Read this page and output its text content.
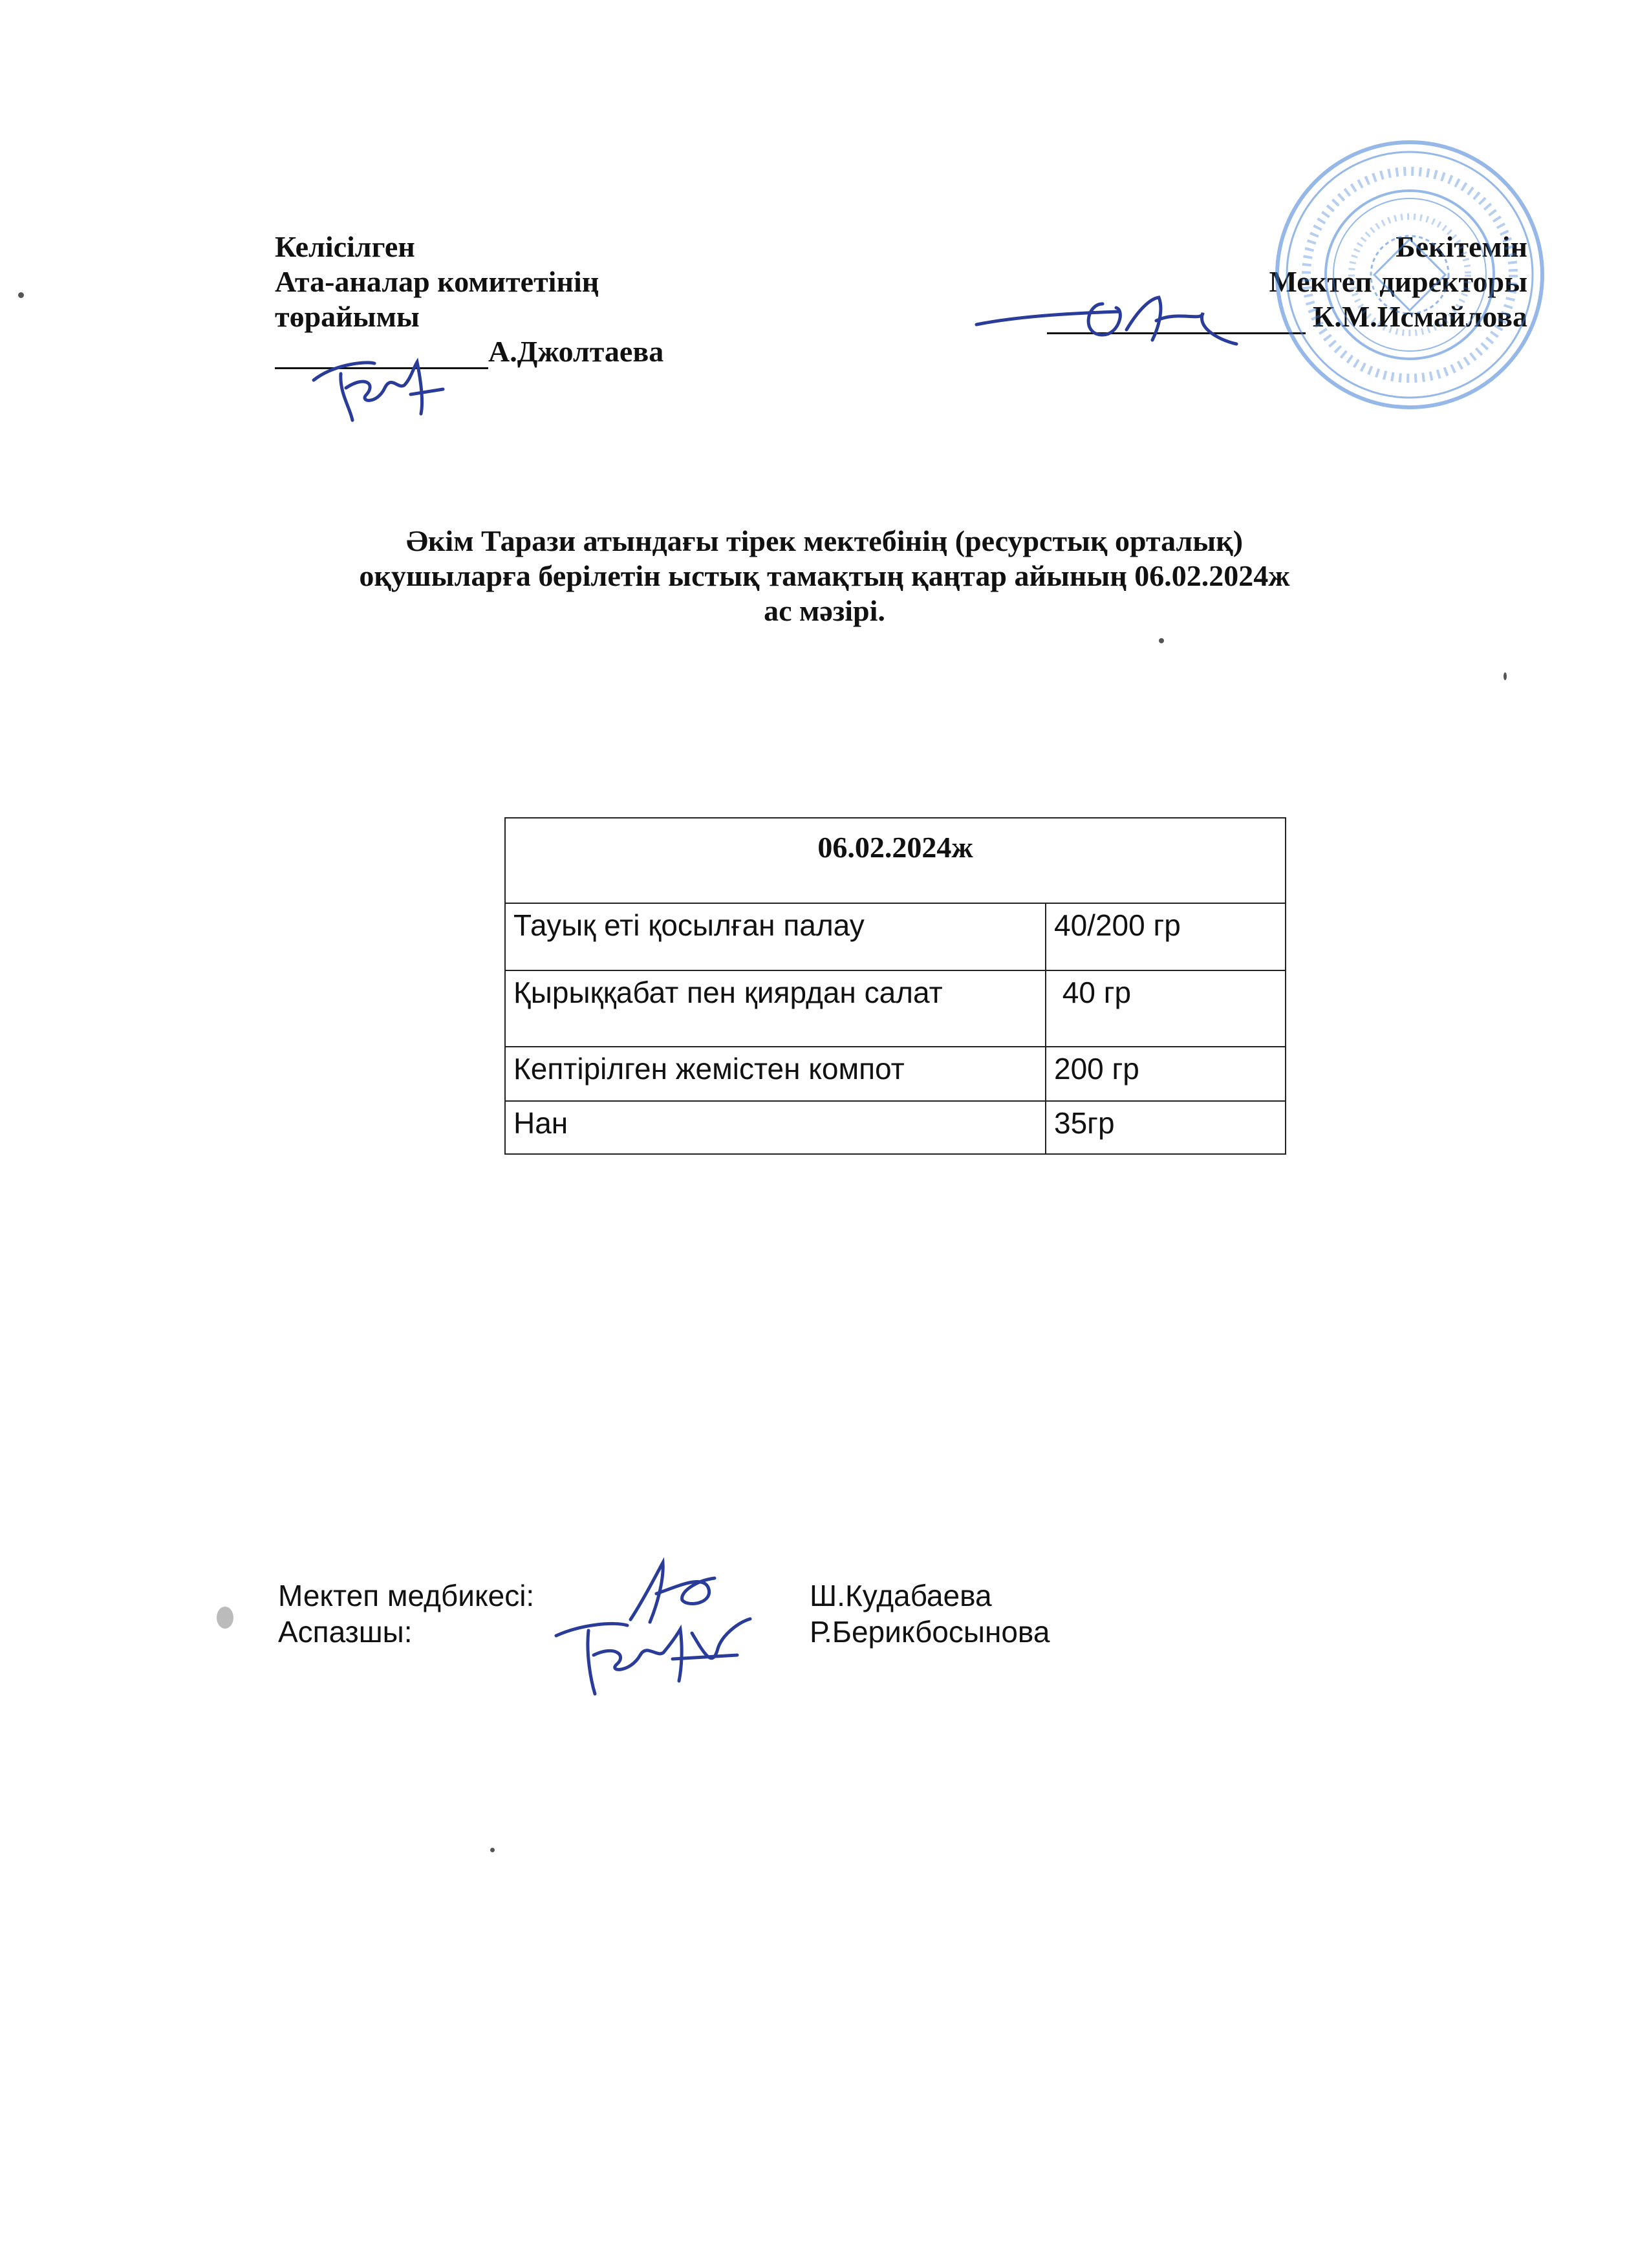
Келісілген
Ата-аналар комитетінің
төрайымы
А.Джолтаева
Бекітемін
Мектеп директоры
К.М.Исмайлова
Әкім Тарази атындағы тірек мектебінің (ресурстық орталық)
оқушыларға берілетін ыстық тамақтың қаңтар айының 06.02.2024ж
ас мәзірі.
06.02.2024ж	
Тауық еті қосылған палау	40/200 гр
Қырыққабат пен қиярдан салат	40 гр
Кептірілген жемістен компот	200 гр
Нан	35гр
Мектеп медбикесі:	Ш.Кудабаева
Аспазшы:	Р.Берикбосынова
